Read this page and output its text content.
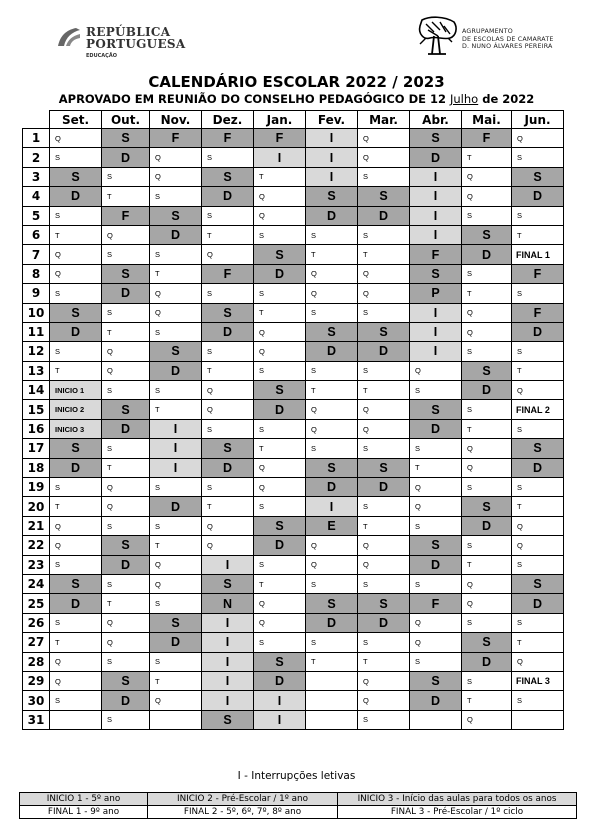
REPÚBLICA
PORTUGUESA
EDUCAÇÃO
AGRUPAMENTO
DE ESCOLAS DE CAMARATE
D. NUNO ÁLVARES PEREIRA
CALENDÁRIO ESCOLAR 2022 / 2023
APROVADO EM REUNIÃO DO CONSELHO PEDAGÓGICO DE 12 Julho de 2022
	Set.	Out.	Nov.	Dez.	Jan.	Fev.	Mar.	Abr.	Mai.	Jun.
1	Q	S	F	F	F	I	Q	S	F	Q
2	S	D	Q	S	I	I	Q	D	T	S
3	S	S	Q	S	T	I	S	I	Q	S
4	D	T	S	D	Q	S	S	I	Q	D
5	S	F	S	S	Q	D	D	I	S	S
6	T	Q	D	T	S	S	S	I	S	T
7	Q	S	S	Q	S	T	T	F	D	FINAL 1
8	Q	S	T	F	D	Q	Q	S	S	F
9	S	D	Q	S	S	Q	Q	P	T	S
10	S	S	Q	S	T	S	S	I	Q	F
11	D	T	S	D	Q	S	S	I	Q	D
12	S	Q	S	S	Q	D	D	I	S	S
13	T	Q	D	T	S	S	S	Q	S	T
14	INICIO 1	S	S	Q	S	T	T	S	D	Q
15	INICIO 2	S	T	Q	D	Q	Q	S	S	FINAL 2
16	INICIO 3	D	I	S	S	Q	Q	D	T	S
17	S	S	I	S	T	S	S	S	Q	S
18	D	T	I	D	Q	S	S	T	Q	D
19	S	Q	S	S	Q	D	D	Q	S	S
20	T	Q	D	T	S	I	S	Q	S	T
21	Q	S	S	Q	S	E	T	S	D	Q
22	Q	S	T	Q	D	Q	Q	S	S	Q
23	S	D	Q	I	S	Q	Q	D	T	S
24	S	S	Q	S	T	S	S	S	Q	S
25	D	T	S	N	Q	S	S	F	Q	D
26	S	Q	S	I	Q	D	D	Q	S	S
27	T	Q	D	I	S	S	S	Q	S	T
28	Q	S	S	I	S	T	T	S	D	Q
29	Q	S	T	I	D		Q	S	S	FINAL 3
30	S	D	Q	I	I		Q	D	T	S
31		S		S	I		S		Q	
I - Interrupções letivas
INICIO 1 - 5º ano	INICIO 2 - Pré-Escolar / 1º ano	INICIO 3 - Início das aulas para todos os anos
FINAL 1 - 9º ano	FINAL 2 - 5º, 6º, 7º, 8º ano	FINAL 3 - Pré-Escolar / 1º ciclo
